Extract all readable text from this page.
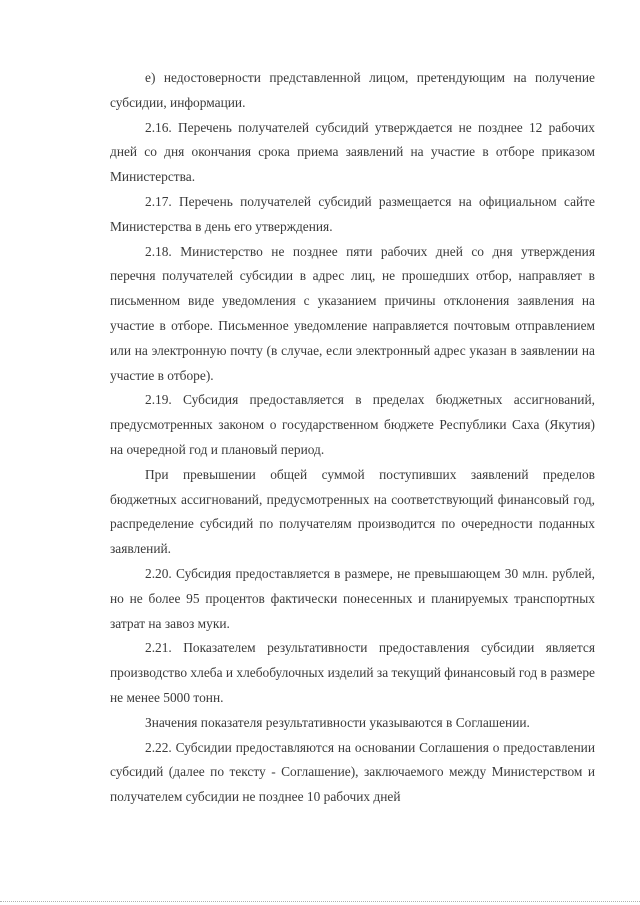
е) недостоверности представленной лицом, претендующим на получение субсидии, информации.

2.16. Перечень получателей субсидий утверждается не позднее 12 рабочих дней со дня окончания срока приема заявлений на участие в отборе приказом Министерства.

2.17. Перечень получателей субсидий размещается на официальном сайте Министерства в день его утверждения.

2.18. Министерство не позднее пяти рабочих дней со дня утверждения перечня получателей субсидии в адрес лиц, не прошедших отбор, направляет в письменном виде уведомления с указанием причины отклонения заявления на участие в отборе. Письменное уведомление направляется почтовым отправлением или на электронную почту (в случае, если электронный адрес указан в заявлении на участие в отборе).

2.19. Субсидия предоставляется в пределах бюджетных ассигнований, предусмотренных законом о государственном бюджете Республики Саха (Якутия) на очередной год и плановый период.

При превышении общей суммой поступивших заявлений пределов бюджетных ассигнований, предусмотренных на соответствующий финансовый год, распределение субсидий по получателям производится по очередности поданных заявлений.

2.20. Субсидия предоставляется в размере, не превышающем 30 млн. рублей, но не более 95 процентов фактически понесенных и планируемых транспортных затрат на завоз муки.

2.21. Показателем результативности предоставления субсидии является производство хлеба и хлебобулочных изделий за текущий финансовый год в размере не менее 5000 тонн.

Значения показателя результативности указываются в Соглашении.

2.22. Субсидии предоставляются на основании Соглашения о предоставлении субсидий (далее по тексту - Соглашение), заключаемого между Министерством и получателем субсидии не позднее 10 рабочих дней
